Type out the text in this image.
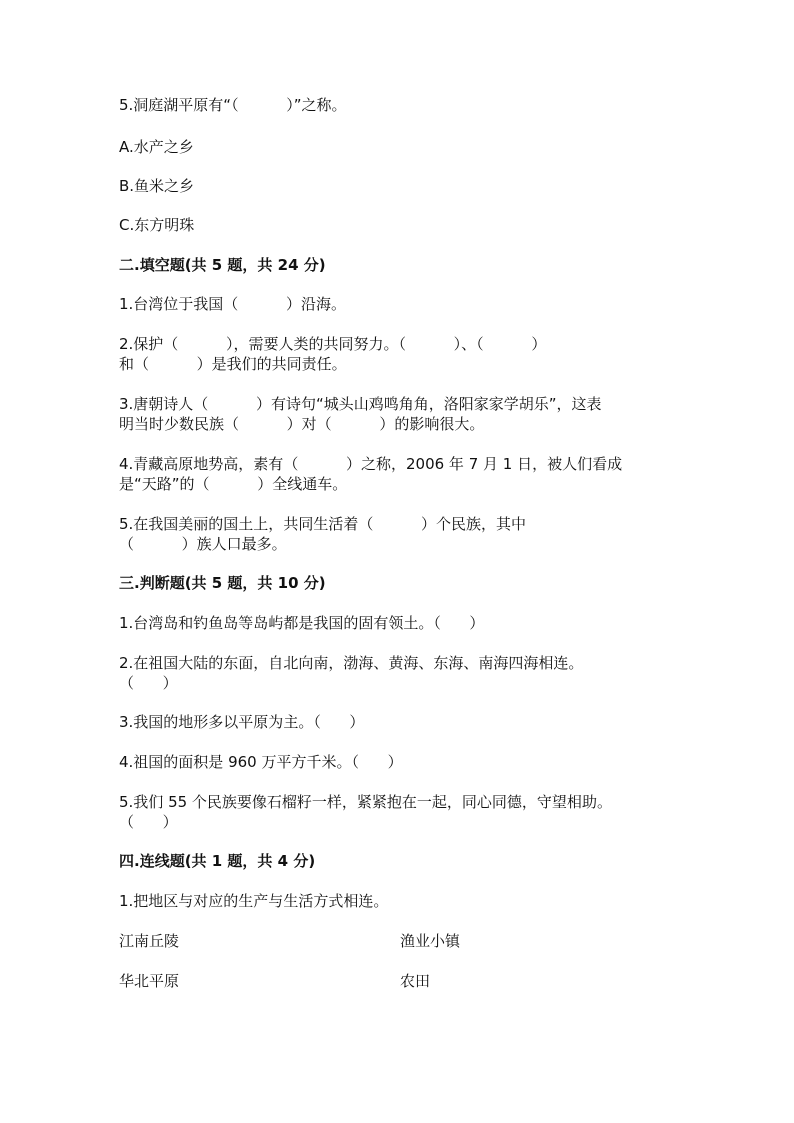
5.洞庭湖平原有“（          ）”之称。

A.水产之乡

B.鱼米之乡

C.东方明珠

二.填空题(共 5 题，共 24 分)

1.台湾位于我国（          ）沿海。

2.保护（          ），需要人类的共同努力。（          ）、（          ）

和（          ）是我们的共同责任。

3.唐朝诗人（          ）有诗句“城头山鸡鸣角角，洛阳家家学胡乐”，这表

明当时少数民族（          ）对（          ）的影响很大。

4.青藏高原地势高，素有（          ）之称，2006 年 7 月 1 日，被人们看成

是“天路”的（          ）全线通车。

5.在我国美丽的国土上，共同生活着（          ）个民族，其中

（          ）族人口最多。

三.判断题(共 5 题，共 10 分)

1.台湾岛和钓鱼岛等岛屿都是我国的固有领土。（      ）

2.在祖国大陆的东面，自北向南，渤海、黄海、东海、南海四海相连。

（      ）

3.我国的地形多以平原为主。（      ）

4.祖国的面积是 960 万平方千米。（      ）

5.我们 55 个民族要像石榴籽一样，紧紧抱在一起，同心同德，守望相助。

（      ）

四.连线题(共 1 题，共 4 分)

1.把地区与对应的生产与生活方式相连。

江南丘陵	渔业小镇

华北平原	农田
